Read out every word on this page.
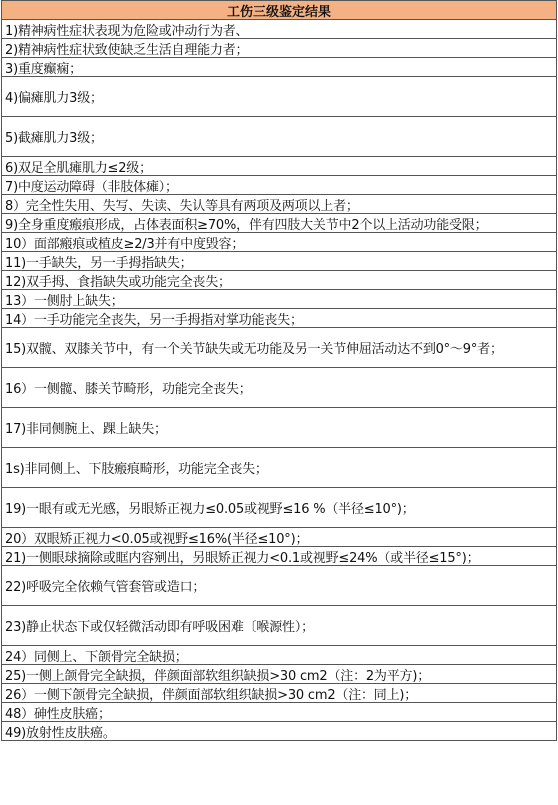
工伤三级鉴定结果
1)精神病性症状表现为危险或冲动行为者、
2)精神病性症状致使缺乏生活自理能力者；
3)重度癫痫；
4)偏瘫肌力3级；
5)截瘫肌力3级；
6)双足全肌瘫肌力≤2级；
7)中度运动障碍（非肢体瘫）；
8）完全性失用、失写、失读、失认等具有两项及两项以上者；
9)全身重度瘢痕形成，占体表面积≥70%，伴有四肢大关节中2个以上活动功能受限；
10）面部瘢痕或植皮≥2/3并有中度毁容；
11)一手缺失，另一手拇指缺失；
12)双手拇、食指缺失或功能完全丧失；
13）一侧肘上缺失；
14）一手功能完全丧失，另一手拇指对掌功能丧失；
15)双髋、双膝关节中，有一个关节缺失或无功能及另一关节伸屈活动达不到0°～9°者；
16）一侧髋、膝关节畸形，功能完全丧失；
17)非同侧腕上、踝上缺失；
1s)非同侧上、下肢瘢痕畸形，功能完全丧失；
19)一眼有或无光感，另眼矫正视力≤0.05或视野≤16 %（半径≤10°)；
20）双眼矫正视力<0.05或视野≤16%(半径≤10°)；
21)一侧眼球摘除或眶内容剜出，另眼矫正视力<0.1或视野≤24%（或半径≤15°)；
22)呼吸完全依赖气管套管或造口；
23)静止状态下或仅轻微活动即有呼吸困难〔喉源性）；
24）同侧上、下颌骨完全缺损；
25)一侧上颌骨完全缺损，伴颜面部软组织缺损>30 cm2（注：2为平方)；
26）一侧下颌骨完全缺损，伴颜面部软组织缺损>30 cm2（注：同上)；
48）砷性皮肤癌；
49)放射性皮肤癌。
